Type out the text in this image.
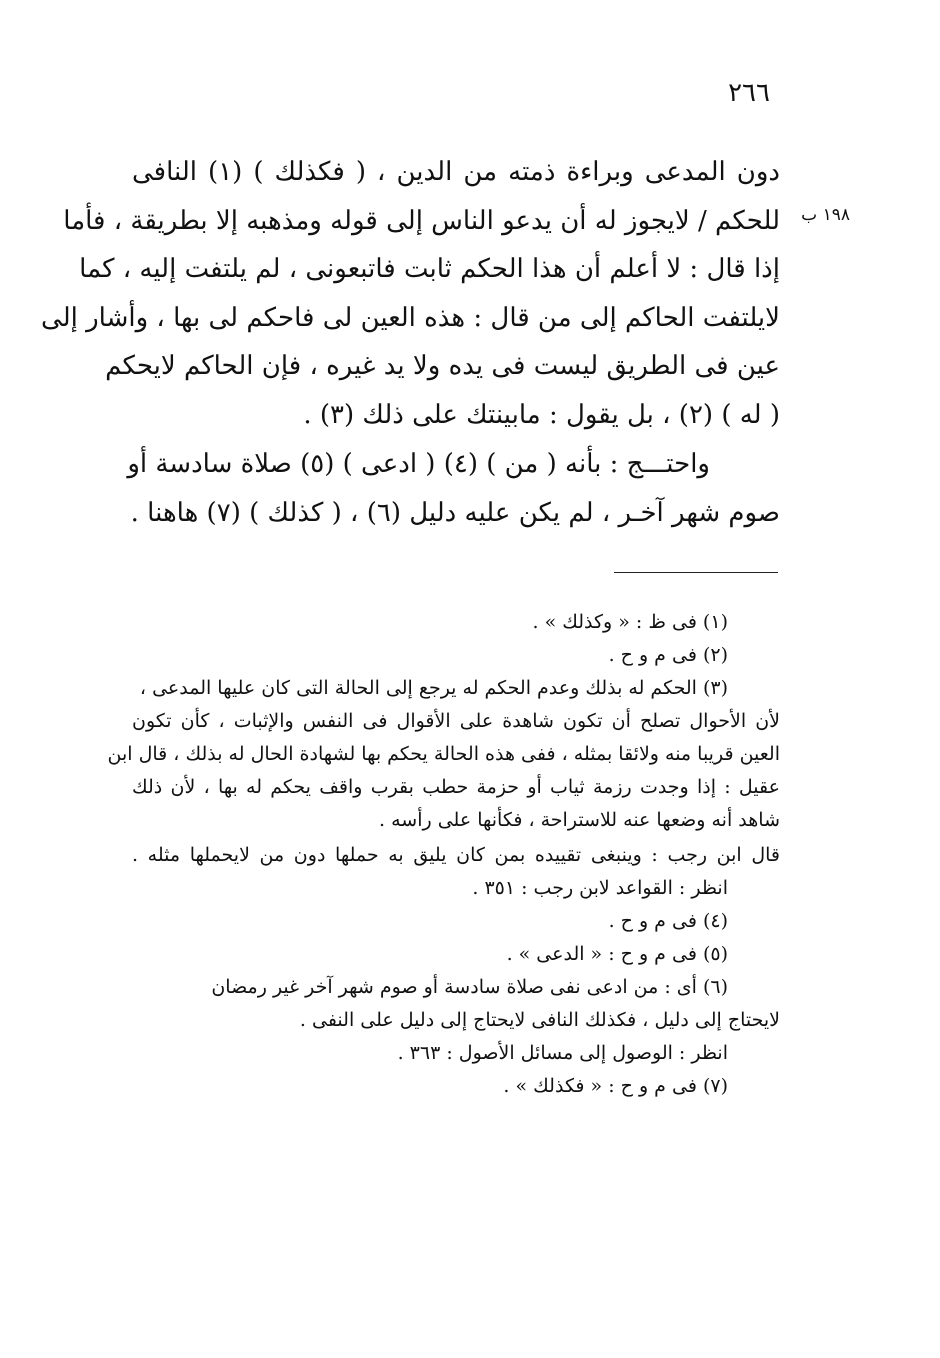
٢٦٦
١٩٨ ب
دون المدعى وبراءة ذمته من الدين ، ( فكذلك ) (١) النافى
للحكم / لايجوز له أن يدعو الناس إلى قوله ومذهبه إلا بطريقة ، فأما
إذا قال : لا أعلم أن هذا الحكم ثابت فاتبعونى ، لم يلتفت إليه ، كما
لايلتفت الحاكم إلى من قال : هذه العين لى فاحكم لى بها ، وأشار إلى
عين فى الطريق ليست فى يده ولا يد غيره ، فإن الحاكم لايحكم
( له ) (٢) ، بل يقول : مابينتك على ذلك (٣) .
واحتـــج : بأنه ( من ) (٤) ( ادعى ) (٥) صلاة سادسة أو
صوم شهر آخـر ، لم يكن عليه دليل (٦) ، ( كذلك ) (٧) هاهنا .
(١) فى ظ : « وكذلك » .
(٢) فى م و ح .
(٣) الحكم له بذلك وعدم الحكم له يرجع إلى الحالة التى كان عليها المدعى ،
لأن الأحوال تصلح أن تكون شاهدة على الأقوال فى النفس والإثبات ، كأن تكون
العين قريبا منه ولائقا بمثله ، ففى هذه الحالة يحكم بها لشهادة الحال له بذلك ، قال ابن
عقيل : إذا وجدت رزمة ثياب أو حزمة حطب بقرب واقف يحكم له بها ، لأن ذلك
شاهد أنه وضعها عنه للاستراحة ، فكأنها على رأسه .
قال ابن رجب : وينبغى تقييده بمن كان يليق به حملها دون من لايحملها مثله .
انظر : القواعد لابن رجب : ٣٥١ .
(٤) فى م و ح .
(٥) فى م و ح : « الدعى » .
(٦) أى : من ادعى نفى صلاة سادسة أو صوم شهر آخر غير رمضان
لايحتاج إلى دليل ، فكذلك النافى لايحتاج إلى دليل على النفى .
انظر : الوصول إلى مسائل الأصول : ٣٦٣ .
(٧) فى م و ح : « فكذلك » .
